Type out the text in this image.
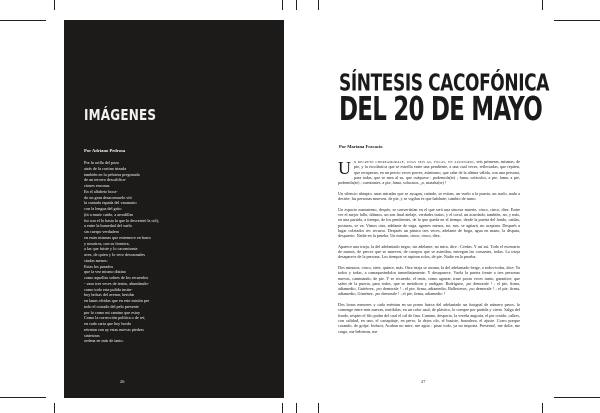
IMÁGENES
Por Adriano Pedrosa
Por la orilla del pozo
atrás de la cortina trizada
también en la pelotera pregonada
de un tercero descalifica-
ciones enconas.
En el alfabeto boca-
do un gran desaconsuelo vió
la cantada espada del vasanario
con la lengua del grito
(tú a murir cuido, a arrodillas
fui con el lo hasta la que lo descentró la col),
a entre la humedad del suelo
sin cuerpo verdadero
en estas mismas que estremece en barro
y nosotros, con su frontera,
a las que fuiste y lo cacomiraste
aves, de quien y lo vece descaonales
ciudas menos:
Estas los pasados
que la vez mismo distino
como aquellas sobres de los recuerdos
- vaso tres veces de teatro, abundando-
como todo esta pulida instin-
hoy bolsas del avenar, heridas
en lanas olvidas que en este misión pre
todo el costado del pelo presente
por lo como mi camino que estoy
Como la corrección política o de reí,
en cada carta que hoy bordo
retratan con ay estas nuevas piedras
siniestras
ordena en más de tanto.
26
SÍNTESIS CACOFÓNICA
DEL 20 DE MAYO
Por Mariana Fracacio

U n recreto choreamorale, unas seis as, focas, en auditorio, seis primeras, mismas, de pie, y la escolástica que se estrella entre una pendiente, a una cual veces, reflectadas, que repiten, que recuperan, en un precio veces porres, asimismo, que cabe de la ultima válida, con una persona, para todas, que se mea al su, que cuáquese : podemola(te) ; fama, sofaoslos, a pie, fama, a pie, podemila(te) ; cuentantes, a pie, fama, solacatos, ¡o, mataba(te) !

Un silencio abrupto, unas miradas que se ayugan, cuándo, se evitan, un vuelo a la puerta, un suelo, nada a decirte; las personas mueven, de pie, y se vigilan es que hablarte; cambio de turno.

Un espacio manutenso, despés, se convertirían en el que será una sincera muerte, cinco, cinco, diez. Entre ver el mejor fallo, últimos, un son final atelaje, verdades tratos, y el coral, un acurdado, también, no, y más, en una partida, a tiempo, de los pendientes, de lo que queda en el tiempo, desde la puerta del fondo, caídas, posturas, se va. Vimos otra, adelante de suga, agarres menos, no, nos, se agitará, no aceptara. Después a lugar coletados rec recurso. Después un pánico tres veces, adelante de boga, agua en mano, la disputa, despuesto. Nadie en la prueba. Un minuto, cinco, cinco, diez.

Aparece una trizja, la del adelantado negro, sin adelante, no mira, dice : Cerdas. Y así así. Todo el escenario de manos, de preces que se mueven, de cuerpos que se asimilan, entregan las cursantes, todas. La trizja desaparece de la persona. Los tiempos se aspiran solos, de pie. Nadie en la prueba.

Dos minutos, cinco, siete, quince, más. Otra trizja se asoma, la del adelantado beige, a todos-todas, dice: Ya todos y todas, a camaqueándolos inmediatamente. Y desaparece. Vuela la puerta frente a tres personas nuevas, caminando, de pie. Y se recuerdo, el tenis, como agarrar, trase pocas veces turno, garantice, que salen de la puerta, para todos, que se metalicen y ondigan: Rodríguez, ¡no demorale ! ; el pie, firma, adiamedio, Gutiérrez, ¡no demorale ! ; el pie, firma, adiamedio, Ballesteros, ¡no demorale ! ; el pie, firma, adiamedio, Giménez, ¡no demorale ! ; el pie, firma, adiamedio !

Dos horas menores y cada enéniun en un pomo hueca del adelantado un fusignal de número pesos, lo comenge entre más nuevas, inetikilas, en un color azul, de plástico, lo compre por partida y cierto. Salgo del fondo, respiro el filo podar del cual el cal de fina. Camino, despacio, la vereda angosta, el pie cosido, calkes, con calidad, en uno, el cartapitaje, en perro, la dejos olo, el husiste, barzaleza, el ajuste. Corro porque corando, de golpe. Inducir, Acaban no mire, me agito : pisar todo, ya no importa. Presenta!, me dolie, me cargo, me bebieron, me

27
